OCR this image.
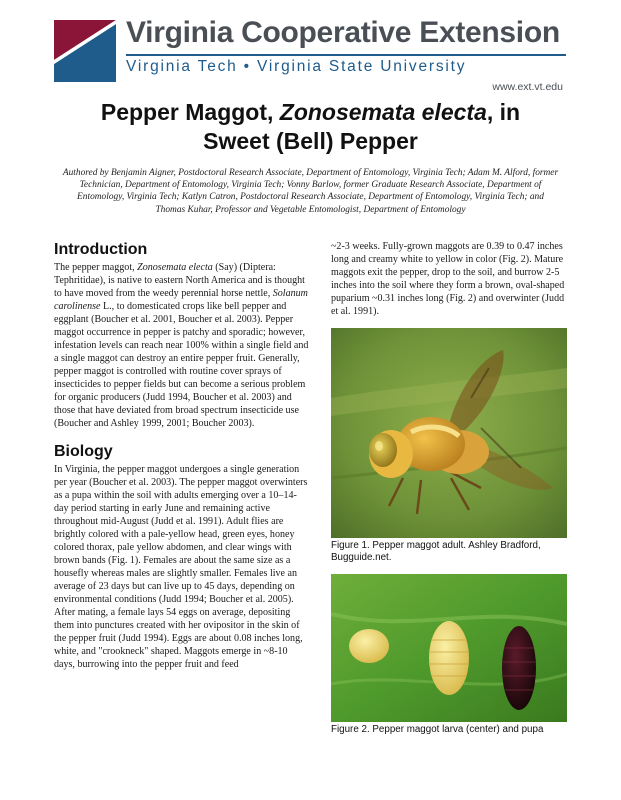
Virginia Cooperative Extension
Virginia Tech • Virginia State University
www.ext.vt.edu
Pepper Maggot, Zonosemata electa, in
Sweet (Bell) Pepper
Authored by Benjamin Aigner, Postdoctoral Research Associate, Department of Entomology, Virginia Tech; Adam M. Alford, former Technician, Department of Entomology, Virginia Tech; Vonny Barlow, former Graduate Research Associate, Department of Entomology, Virginia Tech; Katlyn Catron, Postdoctoral Research Associate, Department of Entomology, Virginia Tech; and Thomas Kuhar, Professor and Vegetable Entomologist, Department of Entomology
Introduction

The pepper maggot, Zonosemata electa (Say) (Diptera: Tephritidae), is native to eastern North America and is thought to have moved from the weedy perennial horse nettle, Solanum carolinense L., to domesticated crops like bell pepper and eggplant (Boucher et al. 2001, Boucher et al. 2003). Pepper maggot occurrence in pepper is patchy and sporadic; however, infestation levels can reach near 100% within a single field and a single maggot can destroy an entire pepper fruit. Generally, pepper maggot is controlled with routine cover sprays of insecticides to pepper fields but can become a serious problem for organic producers (Judd 1994, Boucher et al. 2003) and those that have deviated from broad spectrum insecticide use (Boucher and Ashley 1999, 2001; Boucher 2003).

Biology

In Virginia, the pepper maggot undergoes a single generation per year (Boucher et al. 2003). The pepper maggot overwinters as a pupa within the soil with adults emerging over a 10–14-day period starting in early June and remaining active throughout mid-August (Judd et al. 1991). Adult flies are brightly colored with a pale-yellow head, green eyes, honey colored thorax, pale yellow abdomen, and clear wings with brown bands (Fig. 1). Females are about the same size as a housefly whereas males are slightly smaller. Females live an average of 23 days but can live up to 45 days, depending on environmental conditions (Judd 1994; Boucher et al. 2005). After mating, a female lays 54 eggs on average, depositing them into punctures created with her ovipositor in the skin of the pepper fruit (Judd 1994). Eggs are about 0.08 inches long, white, and "crookneck" shaped. Maggots emerge in ~8-10 days, burrowing into the pepper fruit and feed

~2-3 weeks. Fully-grown maggots are 0.39 to 0.47 inches long and creamy white to yellow in color (Fig. 2). Mature maggots exit the pepper, drop to the soil, and burrow 2-5 inches into the soil where they form a brown, oval-shaped puparium ~0.31 inches long (Fig. 2) and overwinter (Judd et al. 1991).

Figure 1. Pepper maggot adult. Ashley Bradford, Bugguide.net.
Figure 2. Pepper maggot larva (center) and pupa
